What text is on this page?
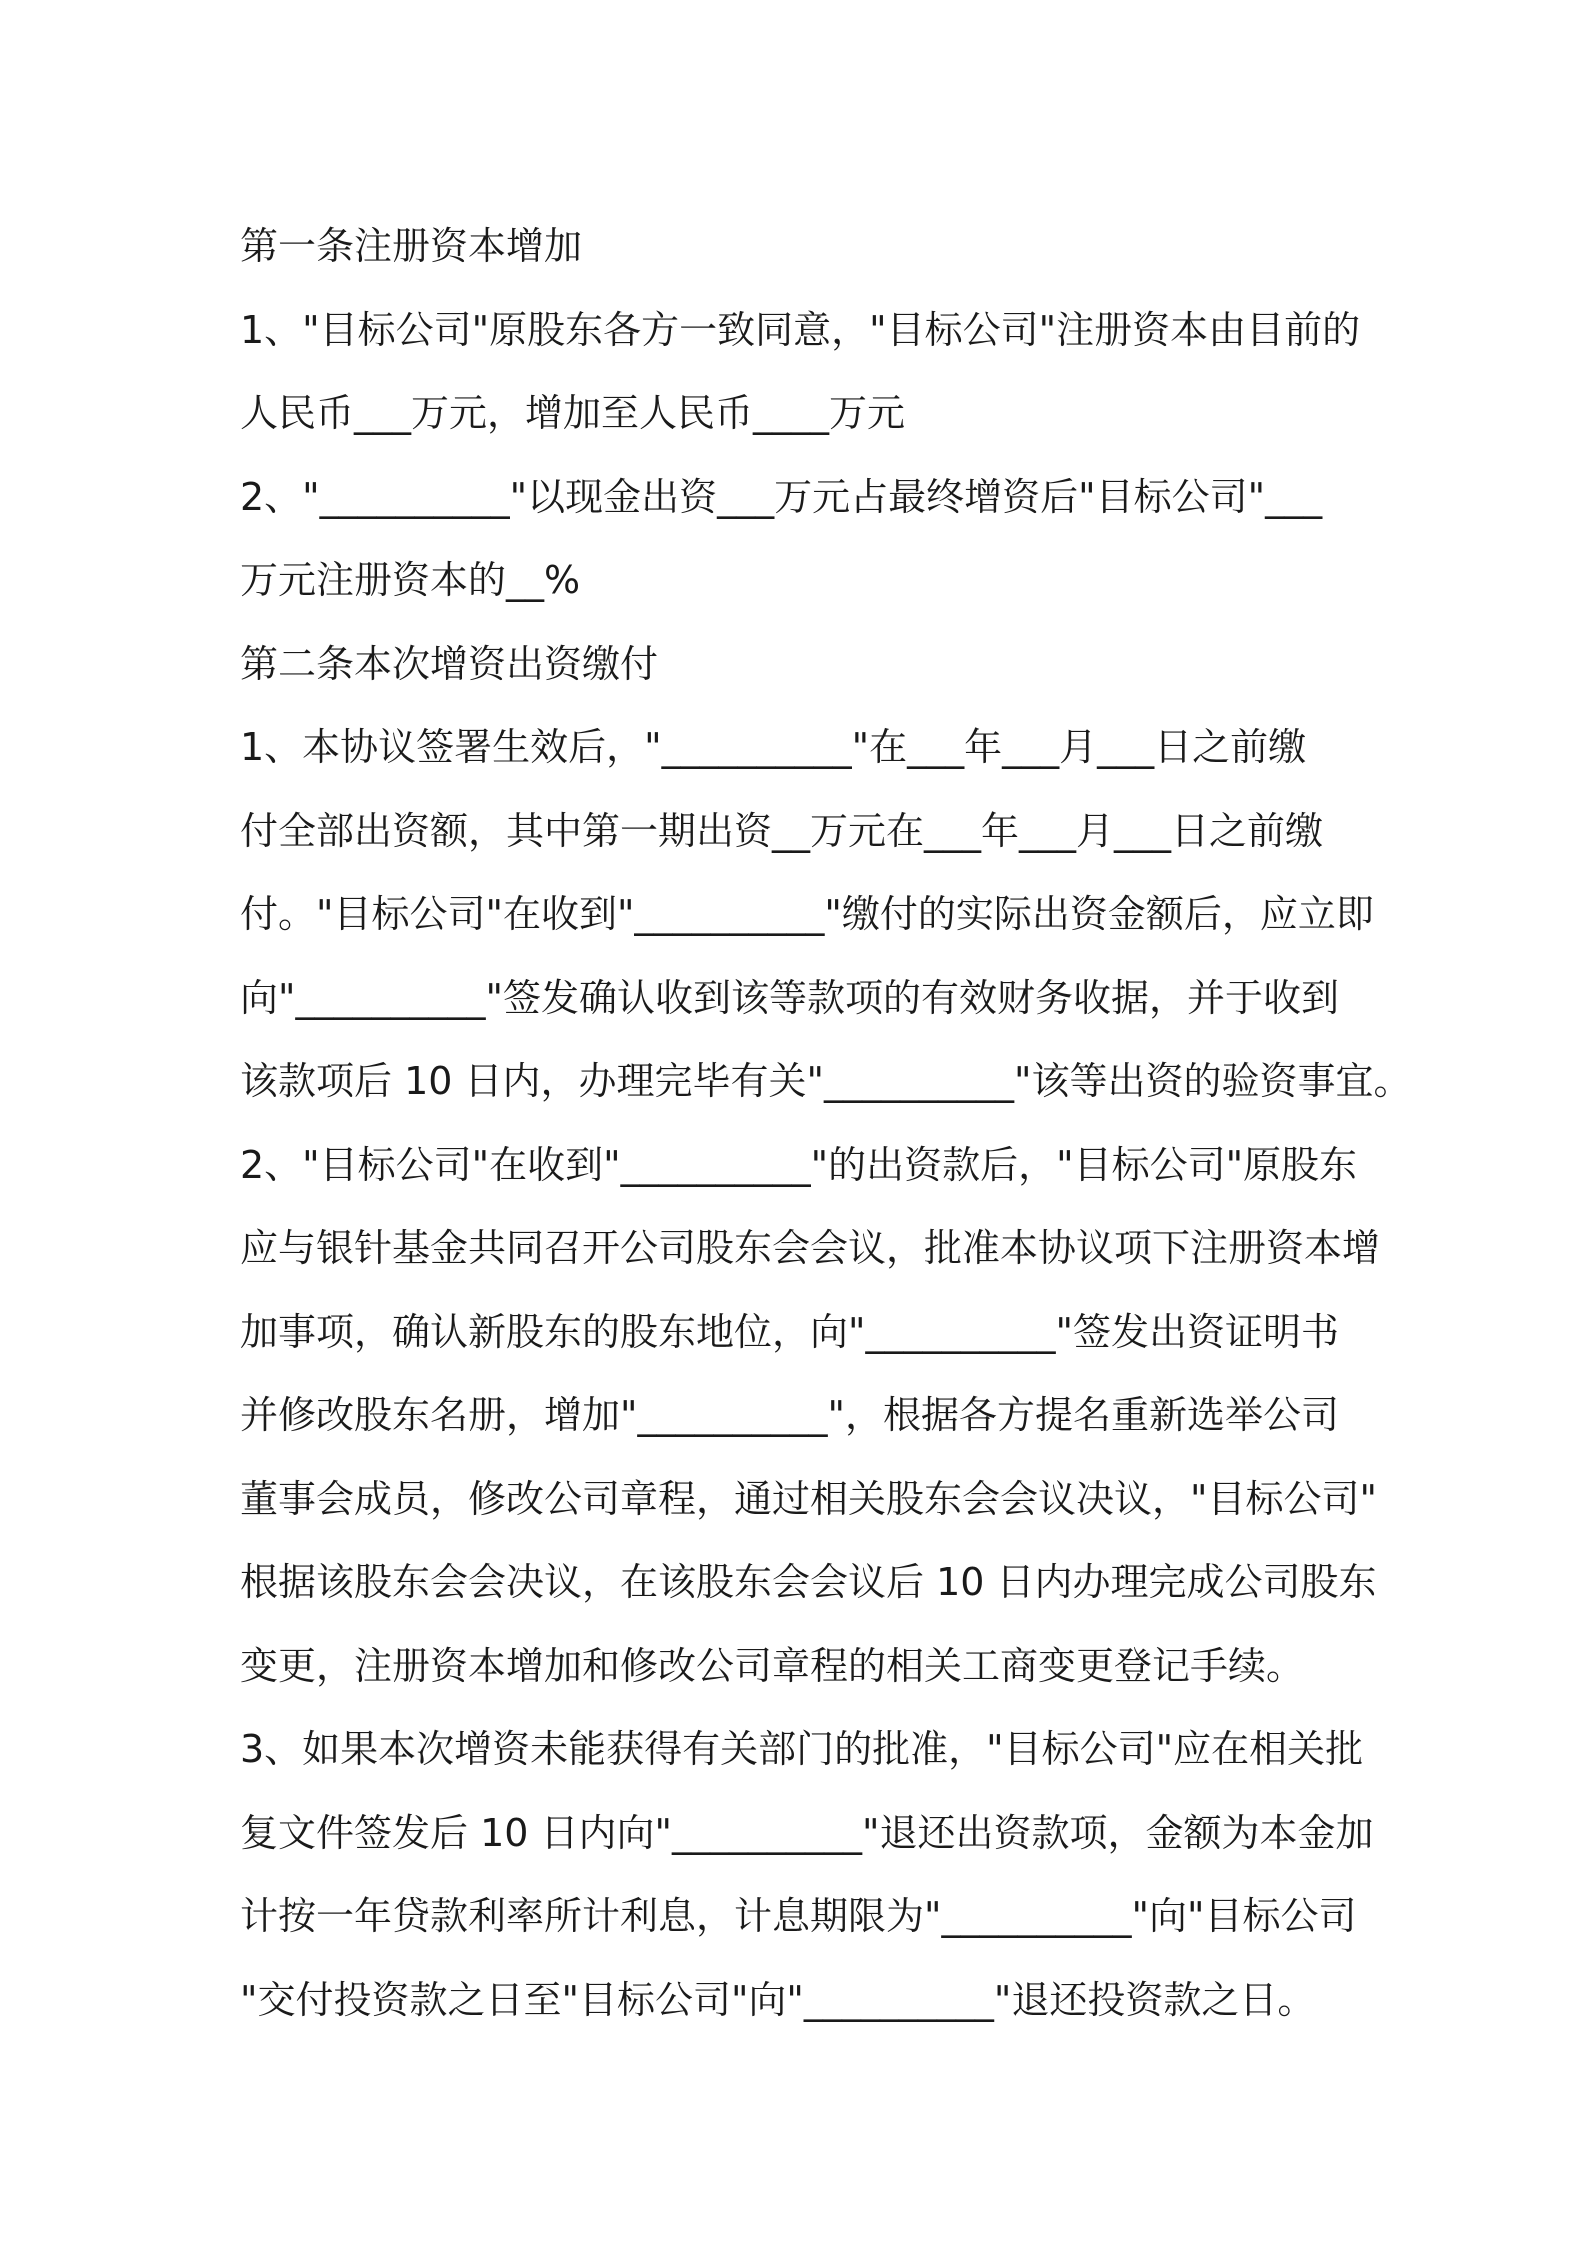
第一条注册资本增加
1、"目标公司"原股东各方一致同意，"目标公司"注册资本由目前的
人民币___万元，增加至人民币____万元
2、"__________"以现金出资___万元占最终增资后"目标公司"___
万元注册资本的__%
第二条本次增资出资缴付
1、本协议签署生效后，"__________"在___年___月___日之前缴
付全部出资额，其中第一期出资__万元在___年___月___日之前缴
付。"目标公司"在收到"__________"缴付的实际出资金额后，应立即
向"__________"签发确认收到该等款项的有效财务收据，并于收到
该款项后 10 日内，办理完毕有关"__________"该等出资的验资事宜。
2、"目标公司"在收到"__________"的出资款后，"目标公司"原股东
应与银针基金共同召开公司股东会会议，批准本协议项下注册资本增
加事项，确认新股东的股东地位，向"__________"签发出资证明书
并修改股东名册，增加"__________"，根据各方提名重新选举公司
董事会成员，修改公司章程，通过相关股东会会议决议，"目标公司"
根据该股东会会决议，在该股东会会议后 10 日内办理完成公司股东
变更，注册资本增加和修改公司章程的相关工商变更登记手续。
3、如果本次增资未能获得有关部门的批准，"目标公司"应在相关批
复文件签发后 10 日内向"__________"退还出资款项，金额为本金加
计按一年贷款利率所计利息，计息期限为"__________"向"目标公司
"交付投资款之日至"目标公司"向"__________"退还投资款之日。
